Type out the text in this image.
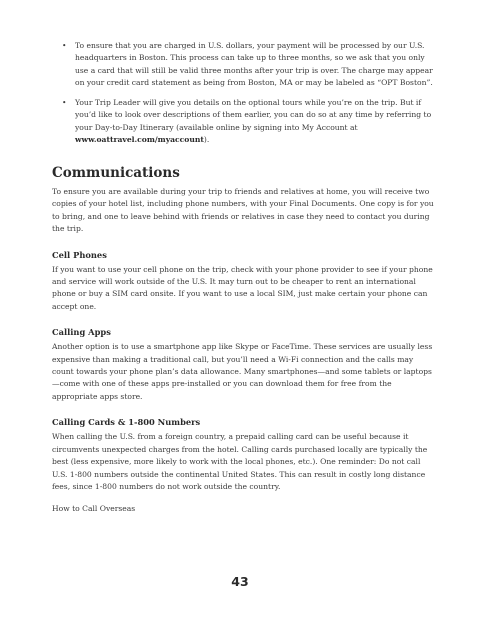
• To ensure that you are charged in U.S. dollars, your payment will be processed by our U.S. headquarters in Boston. This process can take up to three months, so we ask that you only use a card that will still be valid three months after your trip is over. The charge may appear on your credit card statement as being from Boston, MA or may be labeled as “OPT Boston”.
• Your Trip Leader will give you details on the optional tours while you’re on the trip. But if you’d like to look over descriptions of them earlier, you can do so at any time by referring to your Day-to-Day Itinerary (available online by signing into My Account at www.oattravel.com/myaccount).
Communications

To ensure you are available during your trip to friends and relatives at home, you will receive two copies of your hotel list, including phone numbers, with your Final Documents. One copy is for you to bring, and one to leave behind with friends or relatives in case they need to contact you during the trip.

Cell Phones

If you want to use your cell phone on the trip, check with your phone provider to see if your phone and service will work outside of the U.S. It may turn out to be cheaper to rent an international phone or buy a SIM card onsite. If you want to use a local SIM, just make certain your phone can accept one.

Calling Apps

Another option is to use a smartphone app like Skype or FaceTime. These services are usually less expensive than making a traditional call, but you’ll need a Wi-Fi connection and the calls may count towards your phone plan’s data allowance. Many smartphones—and some tablets or laptops—come with one of these apps pre-installed or you can download them for free from the appropriate apps store.

Calling Cards & 1-800 Numbers

When calling the U.S. from a foreign country, a prepaid calling card can be useful because it circumvents unexpected charges from the hotel. Calling cards purchased locally are typically the best (less expensive, more likely to work with the local phones, etc.). One reminder: Do not call U.S. 1-800 numbers outside the continental United States. This can result in costly long distance fees, since 1-800 numbers do not work outside the country.

How to Call Overseas

43
